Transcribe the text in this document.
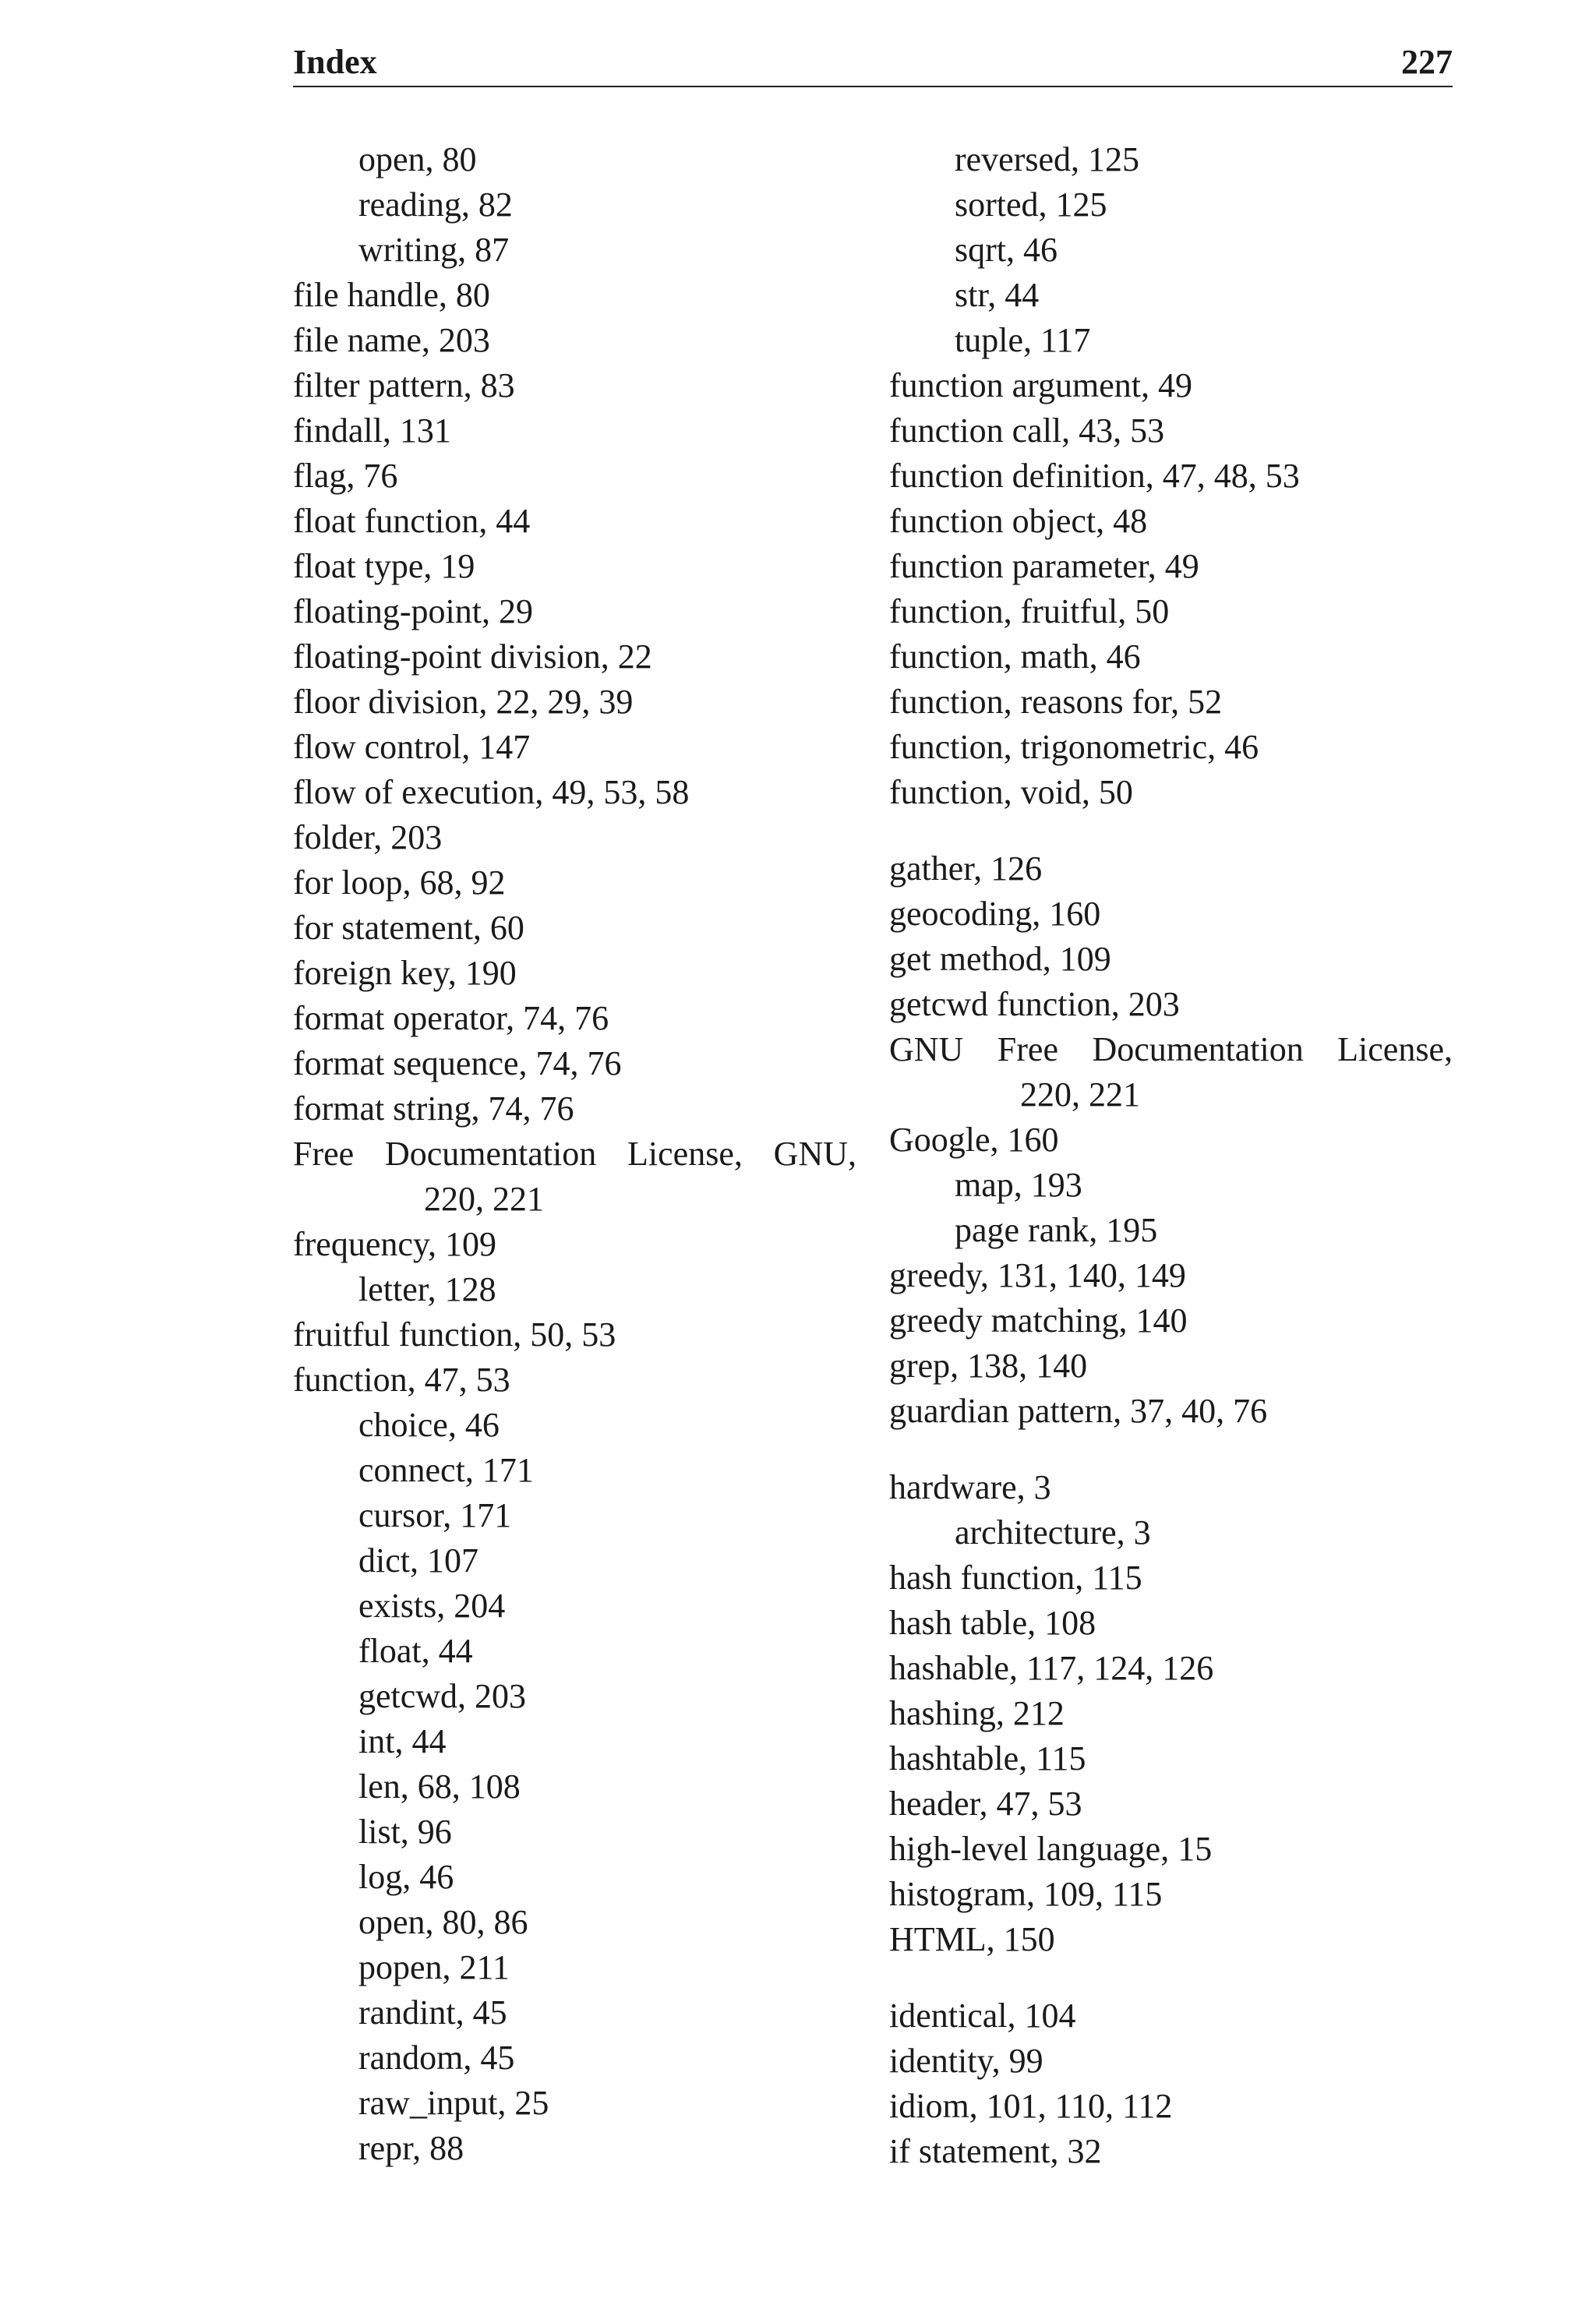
Index	227
open, 80
reading, 82
writing, 87
file handle, 80
file name, 203
filter pattern, 83
findall, 131
flag, 76
float function, 44
float type, 19
floating-point, 29
floating-point division, 22
floor division, 22, 29, 39
flow control, 147
flow of execution, 49, 53, 58
folder, 203
for loop, 68, 92
for statement, 60
foreign key, 190
format operator, 74, 76
format sequence, 74, 76
format string, 74, 76
Free Documentation License, GNU,
220, 221
frequency, 109
letter, 128
fruitful function, 50, 53
function, 47, 53
choice, 46
connect, 171
cursor, 171
dict, 107
exists, 204
float, 44
getcwd, 203
int, 44
len, 68, 108
list, 96
log, 46
open, 80, 86
popen, 211
randint, 45
random, 45
raw_input, 25
repr, 88
reversed, 125
sorted, 125
sqrt, 46
str, 44
tuple, 117
function argument, 49
function call, 43, 53
function definition, 47, 48, 53
function object, 48
function parameter, 49
function, fruitful, 50
function, math, 46
function, reasons for, 52
function, trigonometric, 46
function, void, 50
gather, 126
geocoding, 160
get method, 109
getcwd function, 203
GNU Free Documentation License,
220, 221
Google, 160
map, 193
page rank, 195
greedy, 131, 140, 149
greedy matching, 140
grep, 138, 140
guardian pattern, 37, 40, 76
hardware, 3
architecture, 3
hash function, 115
hash table, 108
hashable, 117, 124, 126
hashing, 212
hashtable, 115
header, 47, 53
high-level language, 15
histogram, 109, 115
HTML, 150
identical, 104
identity, 99
idiom, 101, 110, 112
if statement, 32
